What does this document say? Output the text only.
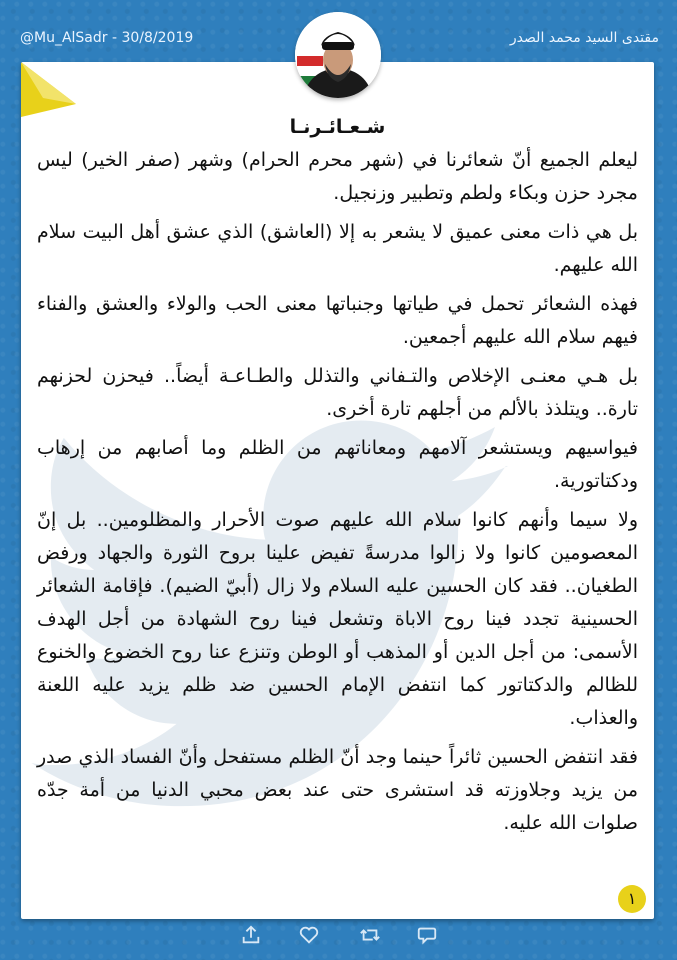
@Mu_AlSadr - 30/8/2019	مقتدى السيد محمد الصدر
شـعـائـرنـا

ليعلم الجميع أنّ شعائرنا في (شهر محرم الحرام) وشهر (صفر الخير) ليس مجرد حزن وبكاء ولطم وتطبير وزنجيل.

بل هي ذات معنى عميق لا يشعر به إلا (العاشق) الذي عشق أهل البيت سلام الله عليهم.

فهذه الشعائر تحمل في طياتها وجنباتها معنى الحب والولاء والعشق والفناء فيهم سلام الله عليهم أجمعين.

بل هـي معنـى الإخلاص والتـفاني والتذلل والطـاعـة أيضاً.. فيحزن لحزنهم تارة.. ويتلذذ بالألم من أجلهم تارة أخرى.

فيواسيهم ويستشعر آلامهم ومعاناتهم من الظلم وما أصابهم من إرهاب ودكتاتورية.

ولا سيما وأنهم كانوا سلام الله عليهم صوت الأحرار والمظلومين.. بل إنّ المعصومين كانوا ولا زالوا مدرسةً تفيض علينا بروح الثورة والجهاد ورفض الطغيان.. فقد كان الحسين عليه السلام ولا زال (أبيّ الضيم). فإقامة الشعائر الحسينية تجدد فينا روح الاباة وتشعل فينا روح الشهادة من أجل الهدف الأسمى: من أجل الدين أو المذهب أو الوطن وتنزع عنا روح الخضوع والخنوع للظالم والدكتاتور كما انتفض الإمام الحسين ضد ظلم يزيد عليه اللعنة والعذاب.

فقد انتفض الحسين ثائراً حينما وجد أنّ الظلم مستفحل وأنّ الفساد الذي صدر من يزيد وجلاوزته قد استشرى حتى عند بعض محبي الدنيا من أمة جدّه صلوات الله عليه.

١
